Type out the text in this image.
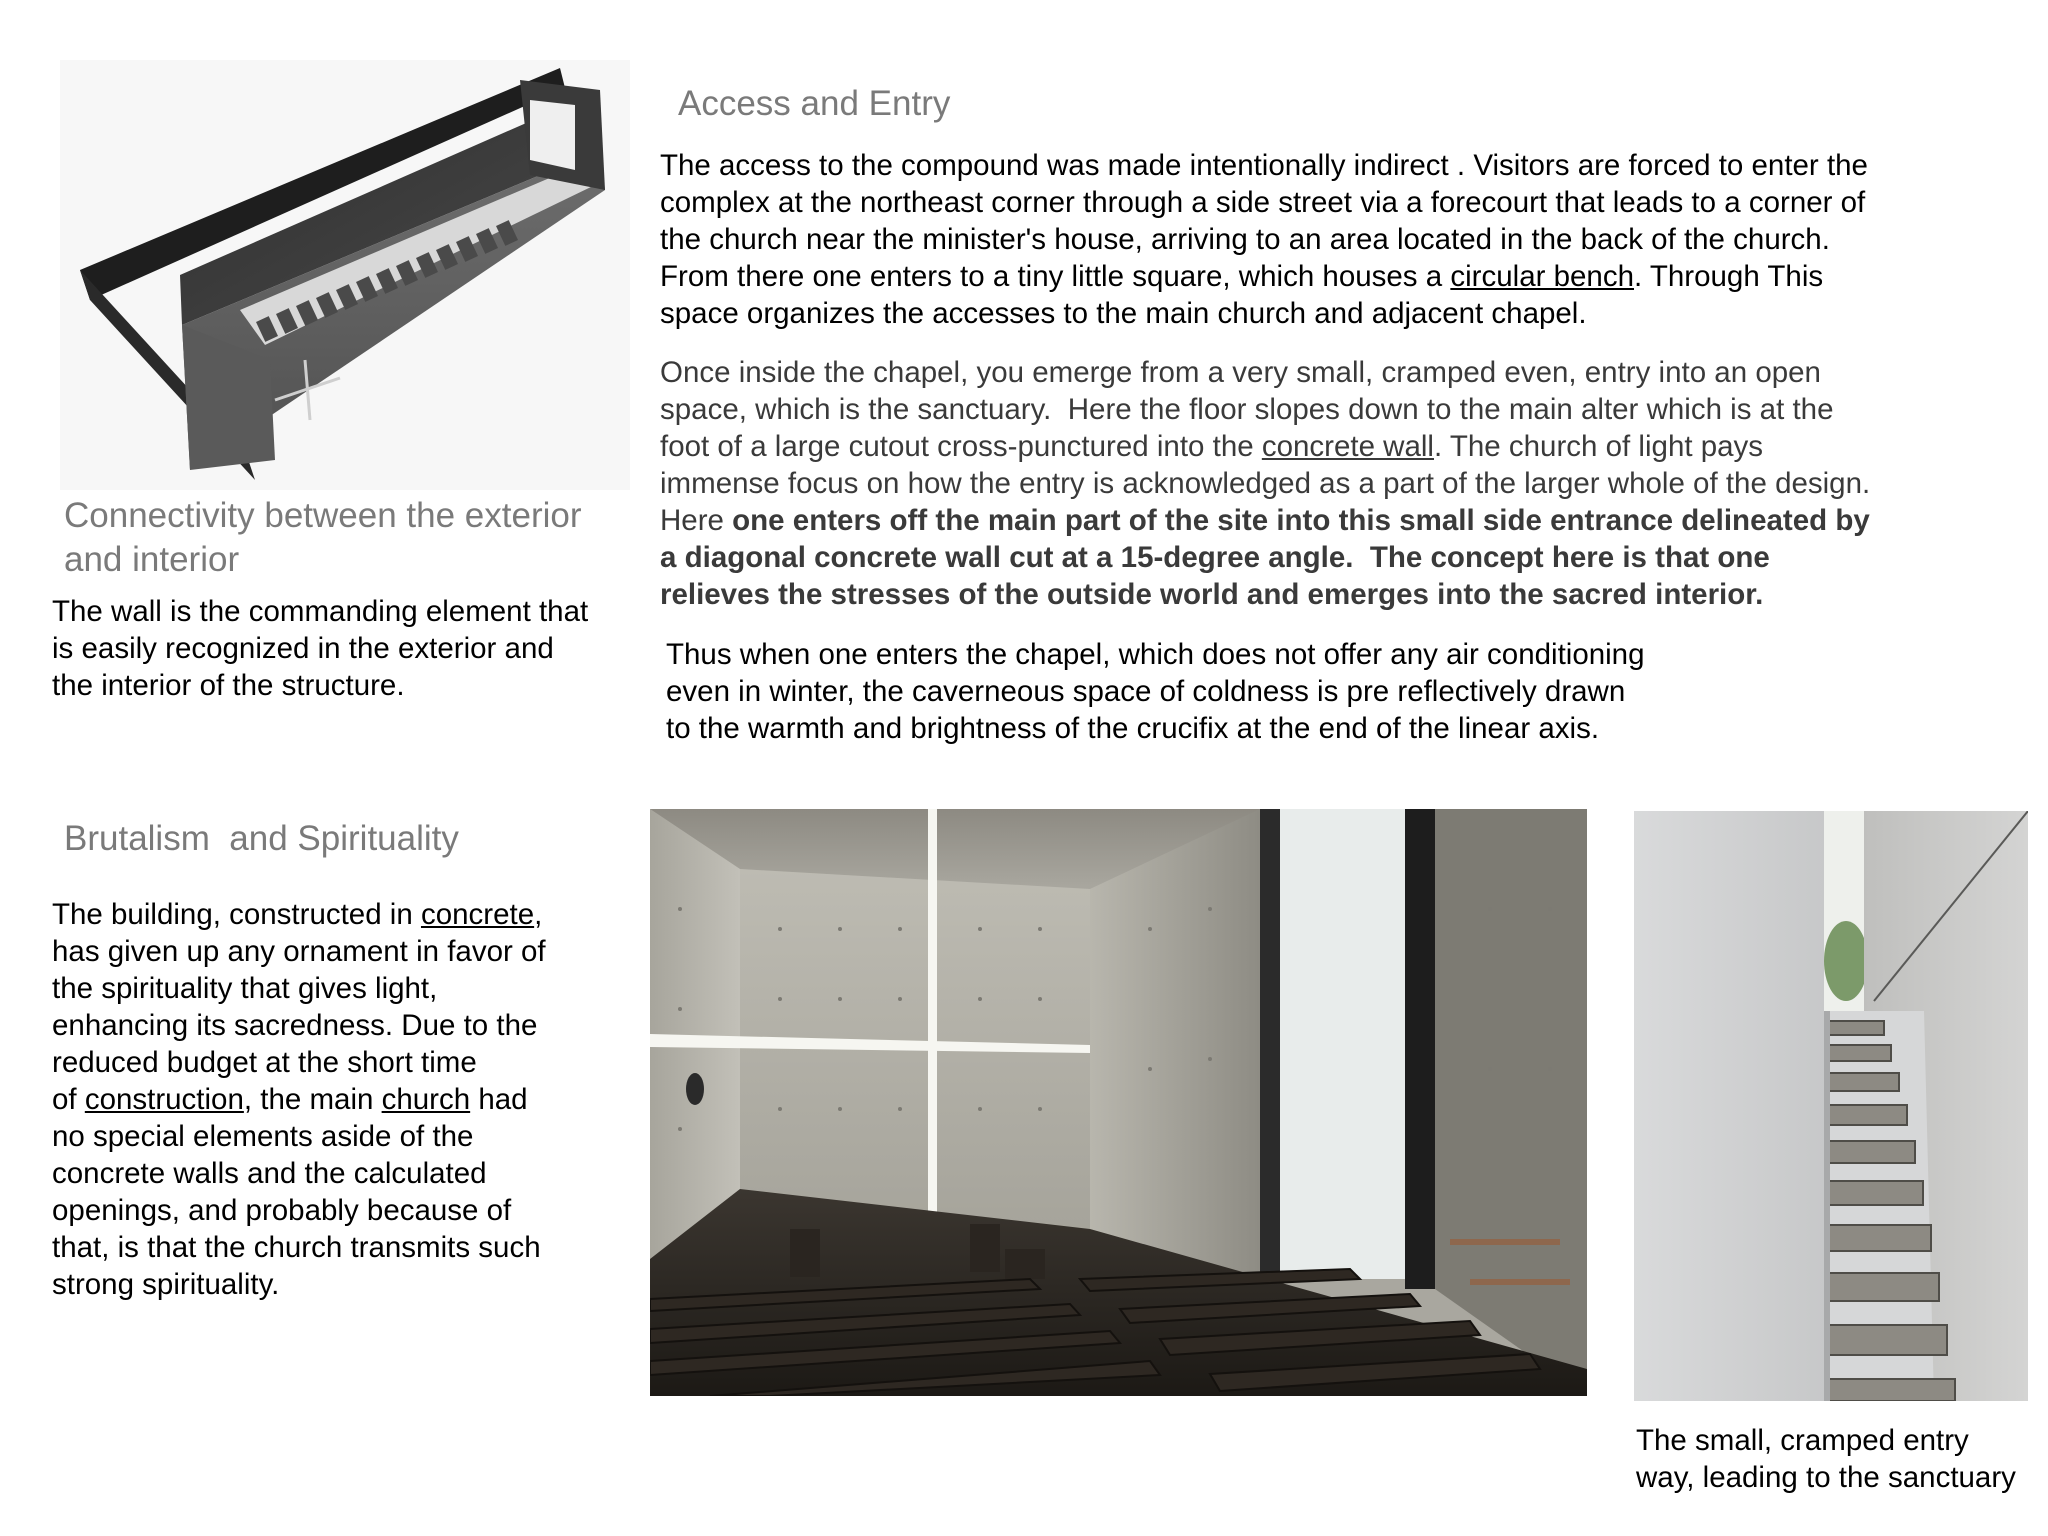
Connectivity between the exterior
and interior
The wall is the commanding element that
is easily recognized in the exterior and
the interior of the structure.
Brutalism  and Spirituality
The building, constructed in concrete,
has given up any ornament in favor of
the spirituality that gives light,
enhancing its sacredness. Due to the
reduced budget at the short time
of construction, the main church had
no special elements aside of the
concrete walls and the calculated
openings, and probably because of
that, is that the church transmits such
strong spirituality.
Access and Entry
The access to the compound was made intentionally indirect . Visitors are forced to enter the
complex at the northeast corner through a side street via a forecourt that leads to a corner of
the church near the minister's house, arriving to an area located in the back of the church.
From there one enters to a tiny little square, which houses a circular bench. Through This
space organizes the accesses to the main church and adjacent chapel.
Once inside the chapel, you emerge from a very small, cramped even, entry into an open
space, which is the sanctuary.  Here the floor slopes down to the main alter which is at the
foot of a large cutout cross-punctured into the concrete wall. The church of light pays
immense focus on how the entry is acknowledged as a part of the larger whole of the design.
Here one enters off the main part of the site into this small side entrance delineated by
a diagonal concrete wall cut at a 15-degree angle.  The concept here is that one
relieves the stresses of the outside world and emerges into the sacred interior.
Thus when one enters the chapel, which does not offer any air conditioning
even in winter, the caverneous space of coldness is pre reflectively drawn
to the warmth and brightness of the crucifix at the end of the linear axis.
The small, cramped entry
way, leading to the sanctuary
